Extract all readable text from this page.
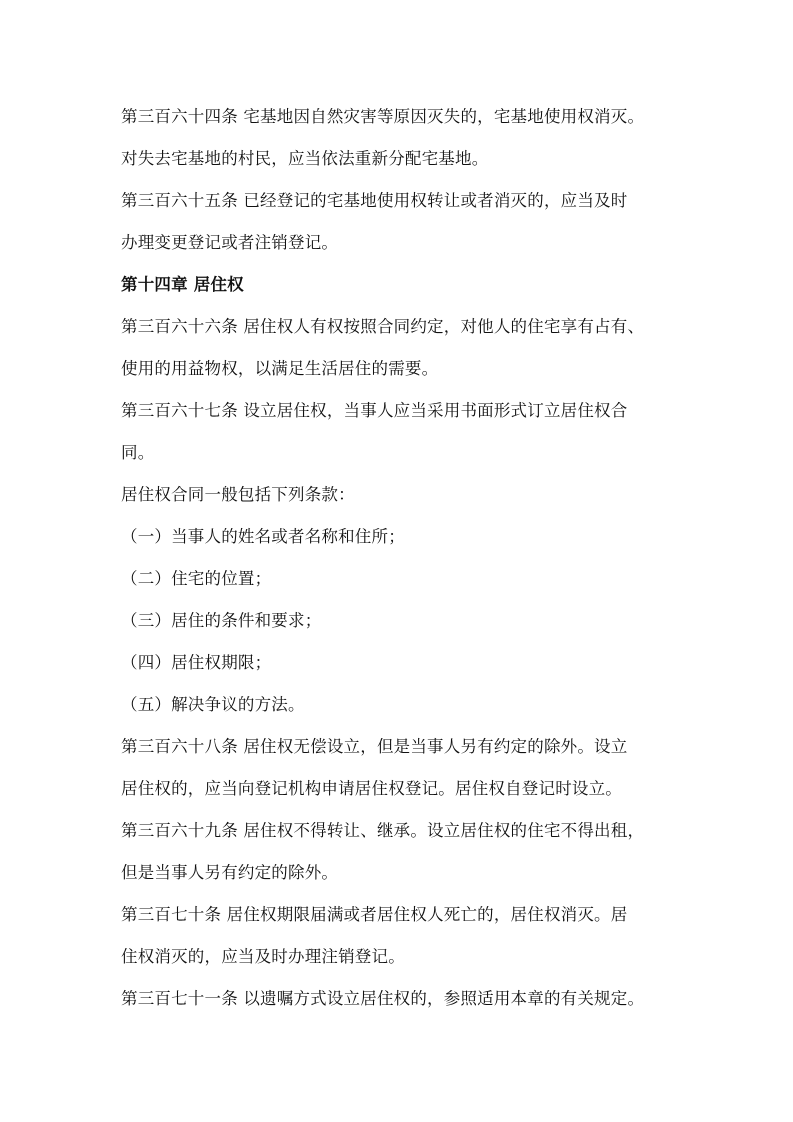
第三百六十四条 宅基地因自然灾害等原因灭失的，宅基地使用权消灭。
对失去宅基地的村民，应当依法重新分配宅基地。
第三百六十五条 已经登记的宅基地使用权转让或者消灭的，应当及时
办理变更登记或者注销登记。
第十四章 居住权
第三百六十六条 居住权人有权按照合同约定，对他人的住宅享有占有、
使用的用益物权，以满足生活居住的需要。
第三百六十七条 设立居住权，当事人应当采用书面形式订立居住权合
同。
居住权合同一般包括下列条款：
（一）当事人的姓名或者名称和住所；
（二）住宅的位置；
（三）居住的条件和要求；
（四）居住权期限；
（五）解决争议的方法。
第三百六十八条 居住权无偿设立，但是当事人另有约定的除外。设立
居住权的，应当向登记机构申请居住权登记。居住权自登记时设立。
第三百六十九条 居住权不得转让、继承。设立居住权的住宅不得出租，
但是当事人另有约定的除外。
第三百七十条 居住权期限届满或者居住权人死亡的，居住权消灭。居
住权消灭的，应当及时办理注销登记。
第三百七十一条 以遗嘱方式设立居住权的，参照适用本章的有关规定。
